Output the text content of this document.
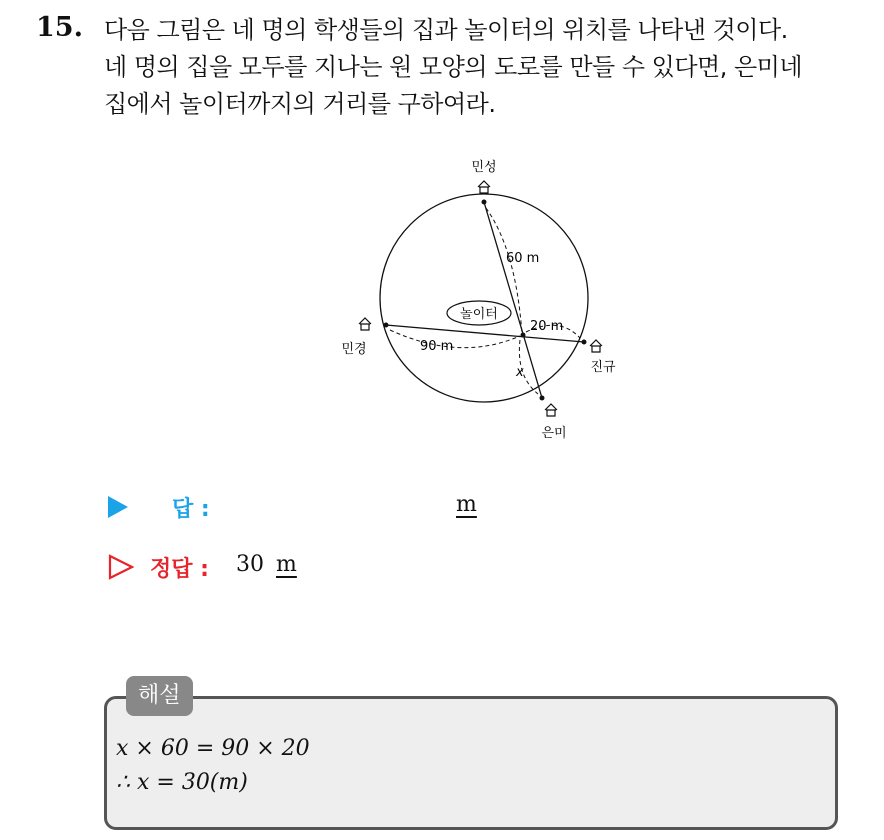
15. 다음 그림은 네 명의 학생들의 집과 놀이터의 위치를 나타낸 것이다.
네 명의 집을 모두를 지나는 원 모양의 도로를 만들 수 있다면, 은미네
집에서 놀이터까지의 거리를 구하여라.
민성
민경
진규
은미
놀이터
60 m
90 m
20 m
x
답 :	m
정답 : 30 m
해설
x × 60 = 90 × 20
∴ x = 30(m)
